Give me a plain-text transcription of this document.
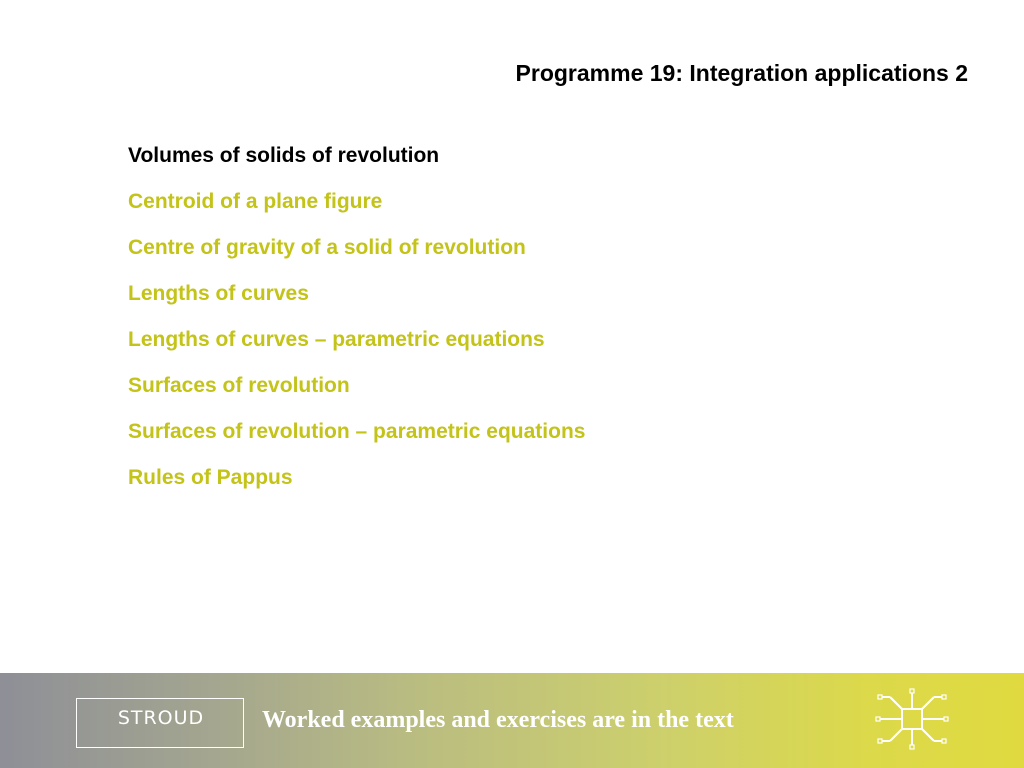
Programme 19: Integration applications 2
Volumes of solids of revolution
Centroid of a plane figure
Centre of gravity of a solid of revolution
Lengths of curves
Lengths of curves – parametric equations
Surfaces of revolution
Surfaces of revolution – parametric equations
Rules of Pappus
STROUD	Worked examples and exercises are in the text
